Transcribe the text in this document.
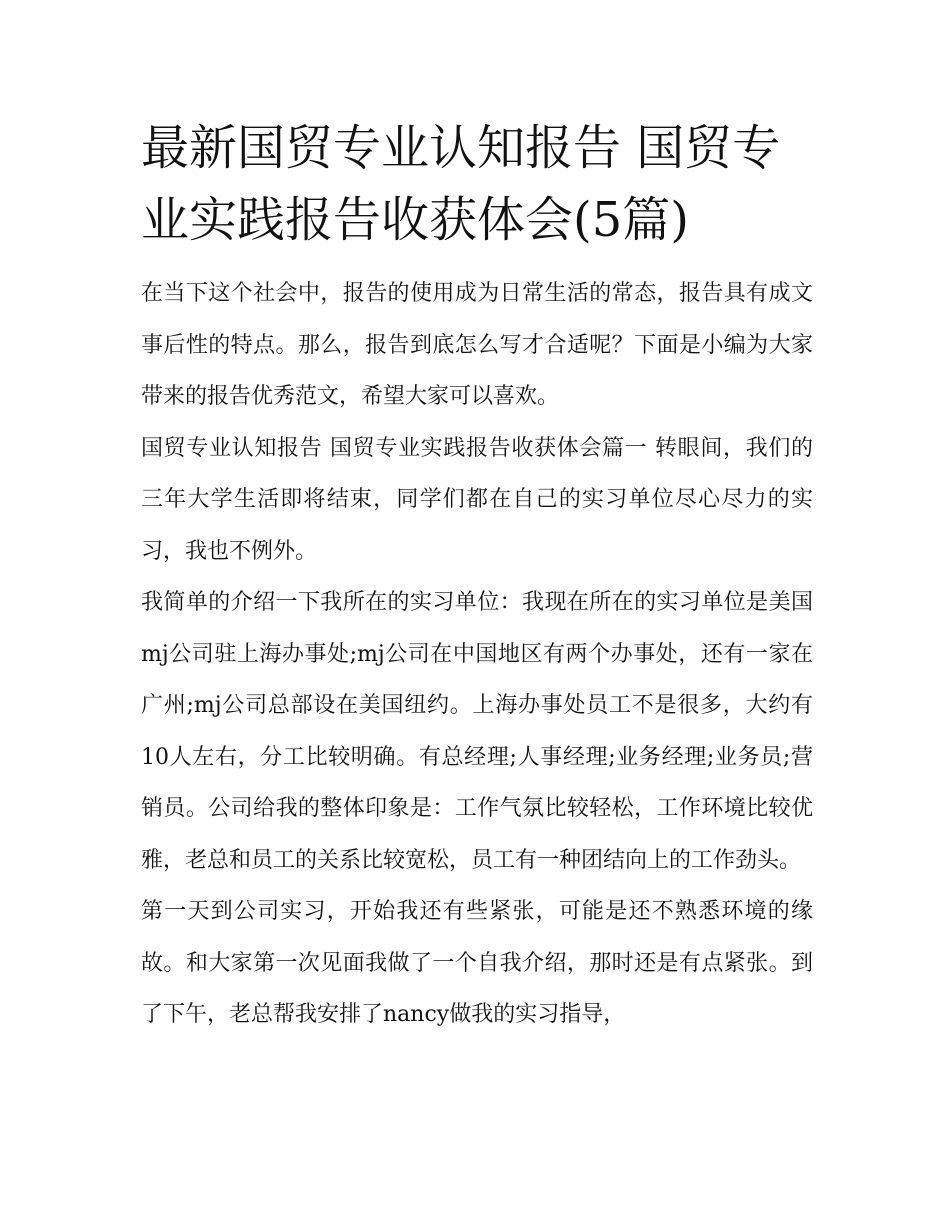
最新国贸专业认知报告 国贸专业实践报告收获体会(5篇)

在当下这个社会中，报告的使用成为日常生活的常态，报告具有成文事后性的特点。那么，报告到底怎么写才合适呢？下面是小编为大家带来的报告优秀范文，希望大家可以喜欢。

国贸专业认知报告 国贸专业实践报告收获体会篇一 转眼间，我们的三年大学生活即将结束，同学们都在自己的实习单位尽心尽力的实习，我也不例外。

我简单的介绍一下我所在的实习单位：我现在所在的实习单位是美国mj公司驻上海办事处;mj公司在中国地区有两个办事处，还有一家在广州;mj公司总部设在美国纽约。上海办事处员工不是很多，大约有10人左右，分工比较明确。有总经理;人事经理;业务经理;业务员;营销员。公司给我的整体印象是：工作气氛比较轻松，工作环境比较优雅，老总和员工的关系比较宽松，员工有一种团结向上的工作劲头。

第一天到公司实习，开始我还有些紧张，可能是还不熟悉环境的缘故。和大家第一次见面我做了一个自我介绍，那时还是有点紧张。到了下午，老总帮我安排了nancy做我的实习指导，
